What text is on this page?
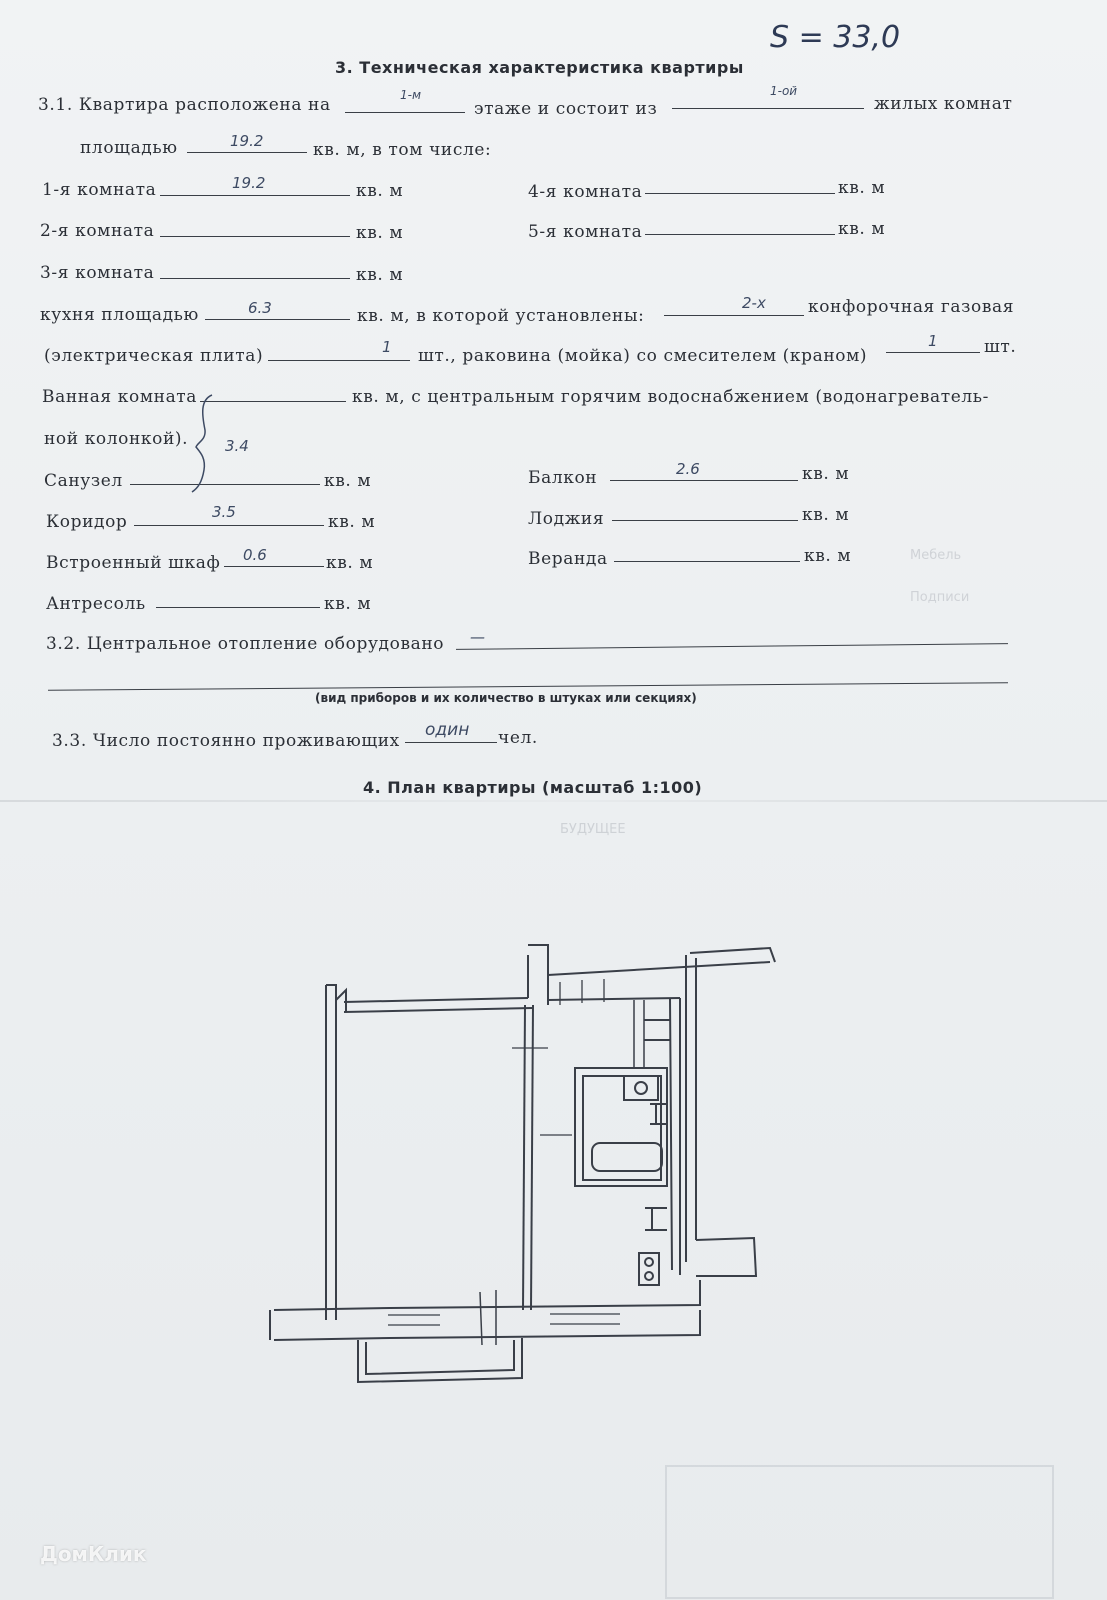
Мебель
Подписи
БУДУЩЕЕ
S = 33,0
3. Техническая характеристика квартиры
3.1. Квартира расположена на	1-м
этаже и состоит из
1-ой
жилых комнат
площадью	19.2	кв. м, в том числе:
1-я комната	19.2	кв. м
2-я комната	кв. м
3-я комната	кв. м
4-я комната	кв. м
5-я комната	кв. м
кухня площадью	6.3	кв. м, в которой установлены:
2-х конфорочная газовая
(электрическая плита)	1 шт., раковина (мойка) со смесителем (краном)
1	шт.
Ванная комната	кв. м, с центральным горячим водоснабжением (водонагреватель-
ной колонкой). 3.4
Санузел	кв. м
Коридор	3.5	кв. м
Встроенный шкаф 0.6	кв. м
Антресоль	кв. м
Балкон	2.6	кв. м
Лоджия	кв. м
Веранда	кв. м
3.2. Центральное отопление оборудовано —
(вид приборов и их количество в штуках или секциях)
3.3. Число постоянно проживающих
один чел.
4. План квартиры (масштаб 1:100)
ДомКлик
